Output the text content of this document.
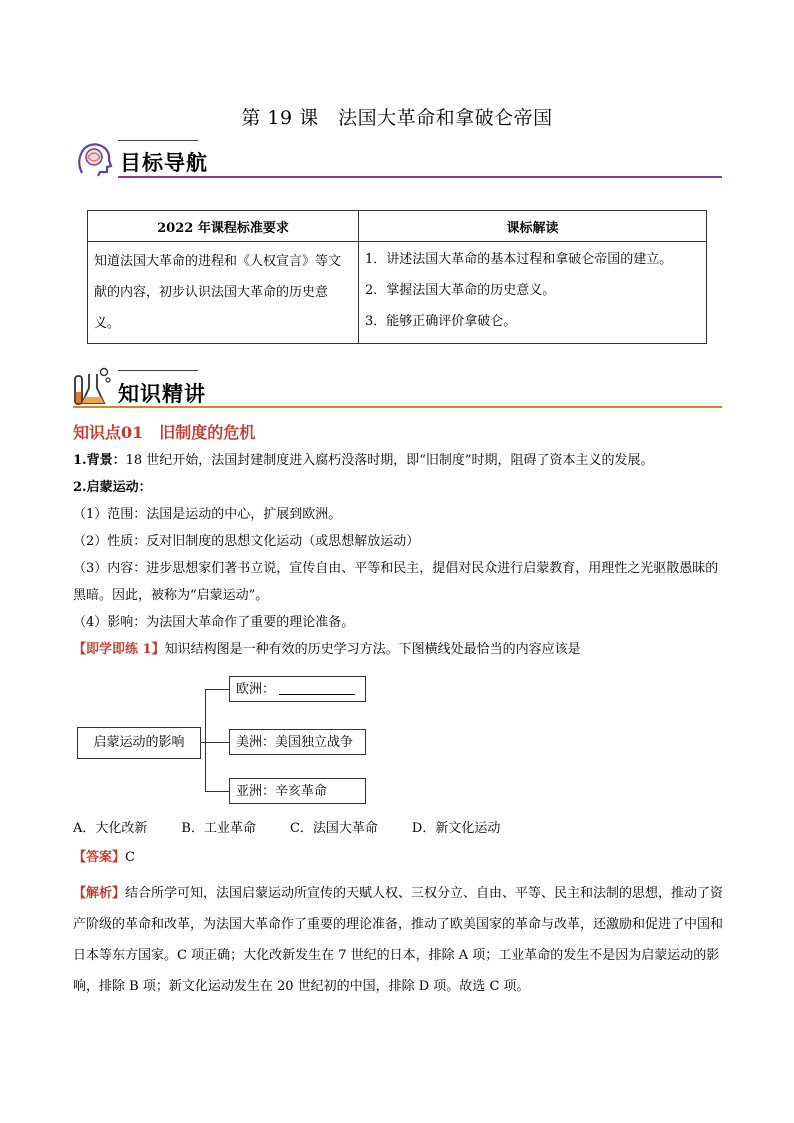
第 19 课　法国大革命和拿破仑帝国
目标导航
2022 年课程标准要求	课标解读
知道法国大革命的进程和《人权宣言》等文献的内容，初步认识法国大革命的历史意义。	1．讲述法国大革命的基本过程和拿破仑帝国的建立。
2．掌握法国大革命的历史意义。
3．能够正确评价拿破仑。
知识精讲
知识点01　旧制度的危机
1.背景：18 世纪开始，法国封建制度进入腐朽没落时期，即“旧制度”时期，阻碍了资本主义的发展。
2.启蒙运动：
（1）范围：法国是运动的中心，扩展到欧洲。
（2）性质：反对旧制度的思想文化运动（或思想解放运动）
（3）内容：进步思想家们著书立说，宣传自由、平等和民主，提倡对民众进行启蒙教育，用理性之光驱散愚昧的黑暗。因此，被称为“启蒙运动”。
（4）影响：为法国大革命作了重要的理论准备。
【即学即练 1】知识结构图是一种有效的历史学习方法。下图横线处最恰当的内容应该是
启蒙运动的影响
欧洲：
美洲：美国独立战争
亚洲：辛亥革命
A．大化改新	B．工业革命	C．法国大革命	D．新文化运动
【答案】C
【解析】结合所学可知，法国启蒙运动所宣传的天赋人权、三权分立、自由、平等、民主和法制的思想，推动了资产阶级的革命和改革，为法国大革命作了重要的理论准备，推动了欧美国家的革命与改革，还激励和促进了中国和日本等东方国家。C 项正确；大化改新发生在 7 世纪的日本，排除 A 项；工业革命的发生不是因为启蒙运动的影响，排除 B 项；新文化运动发生在 20 世纪初的中国，排除 D 项。故选 C 项。
